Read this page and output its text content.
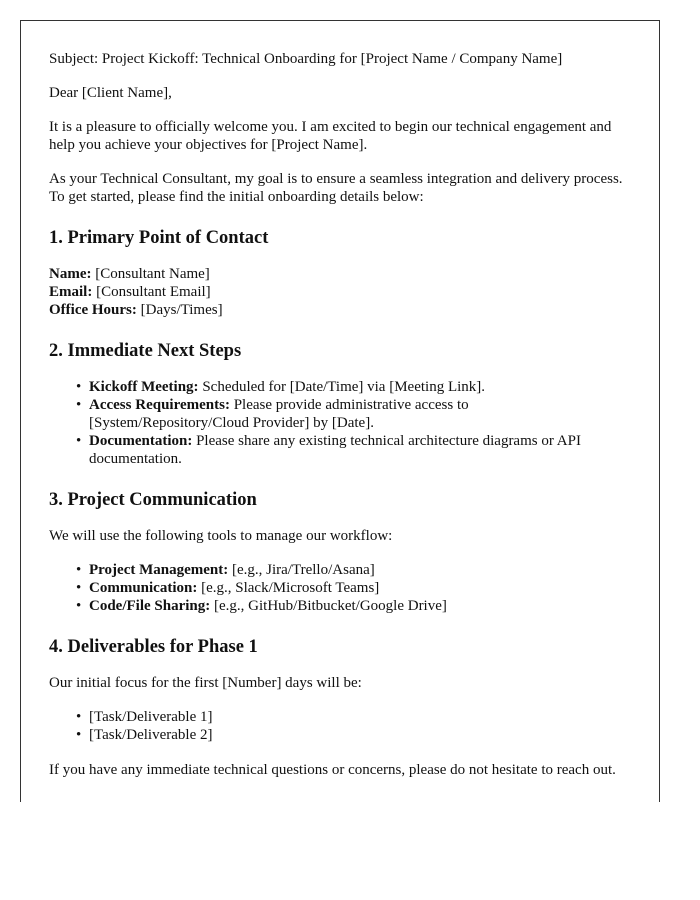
Subject: Project Kickoff: Technical Onboarding for [Project Name / Company Name]

Dear [Client Name],

It is a pleasure to officially welcome you. I am excited to begin our technical engagement and help you achieve your objectives for [Project Name].

As your Technical Consultant, my goal is to ensure a seamless integration and delivery process. To get started, please find the initial onboarding details below:

1. Primary Point of Contact
Name: [Consultant Name]
Email: [Consultant Email]
Office Hours: [Days/Times]
2. Immediate Next Steps
• Kickoff Meeting: Scheduled for [Date/Time] via [Meeting Link].
• Access Requirements: Please provide administrative access to [System/Repository/Cloud Provider] by [Date].
• Documentation: Please share any existing technical architecture diagrams or API documentation.
3. Project Communication

We will use the following tools to manage our workflow:

• Project Management: [e.g., Jira/Trello/Asana]
• Communication: [e.g., Slack/Microsoft Teams]
• Code/File Sharing: [e.g., GitHub/Bitbucket/Google Drive]
4. Deliverables for Phase 1

Our initial focus for the first [Number] days will be:

• [Task/Deliverable 1]
• [Task/Deliverable 2]

If you have any immediate technical questions or concerns, please do not hesitate to reach out.
